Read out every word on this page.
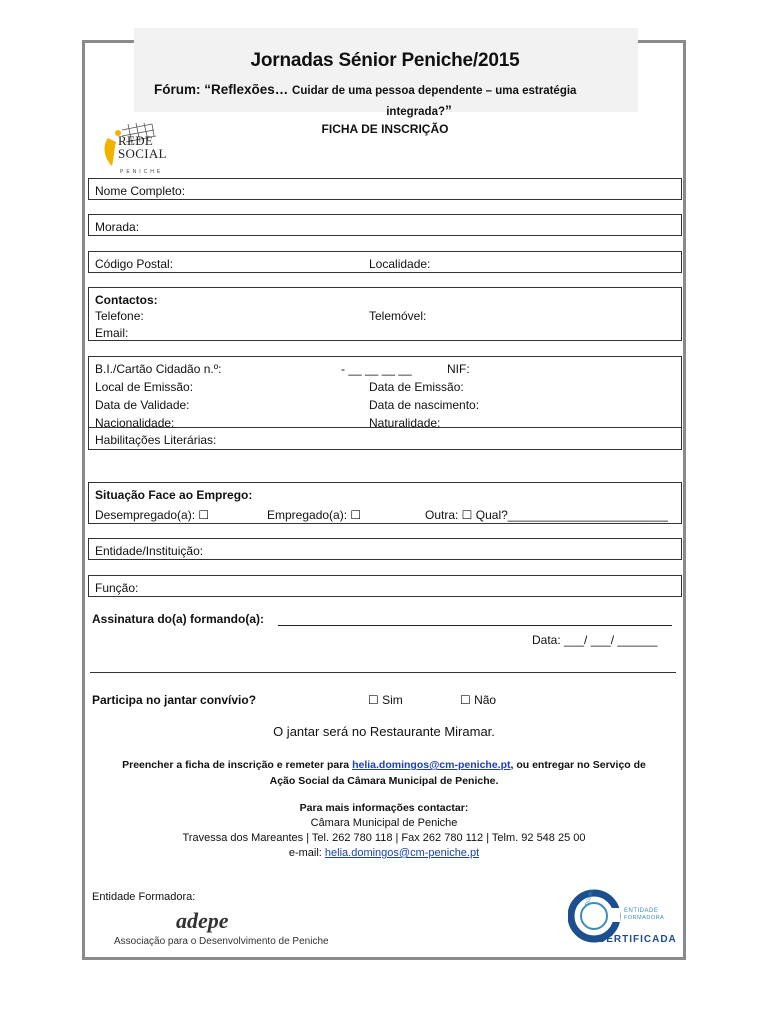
Jornadas Sénior Peniche/2015
Fórum: “Reflexões… Cuidar de uma pessoa dependente – uma estratégia
integrada?”
FICHA DE INSCRIÇÃO
REDE
SOCIAL
PENICHE
Nome Completo:
Morada:
Código Postal:	Localidade:
Contactos:
Telefone:	Telemóvel:
Email:
B.I./Cartão Cidadão n.º:	- __ __ __ __	NIF:
Local de Emissão:	Data de Emissão:
Data de Validade:	Data de nascimento:
Nacionalidade:	Naturalidade:
Habilitações Literárias:
Situação Face ao Emprego:
Desempregado(a): ☐	Empregado(a): ☐	Outra: ☐ Qual?________________________
Entidade/Instituição:
Função:
Assinatura do(a) formando(a):
Data: ___/ ___/ ______
Participa no jantar convívio?	☐ Sim	☐ Não
O jantar será no Restaurante Miramar.
Preencher a ficha de inscrição e remeter para helia.domingos@cm-peniche.pt, ou entregar no Serviço de
Ação Social da Câmara Municipal de Peniche.
Para mais informações contactar:
Câmara Municipal de Peniche
Travessa dos Mareantes | Tel. 262 780 118 | Fax 262 780 112 | Telm. 92 548 25 00
e-mail: helia.domingos@cm-peniche.pt
Entidade Formadora:
adepe
Associação para o Desenvolvimento de Peniche
DGERT
ENTIDADE
FORMADORA
CERTIFICADA
